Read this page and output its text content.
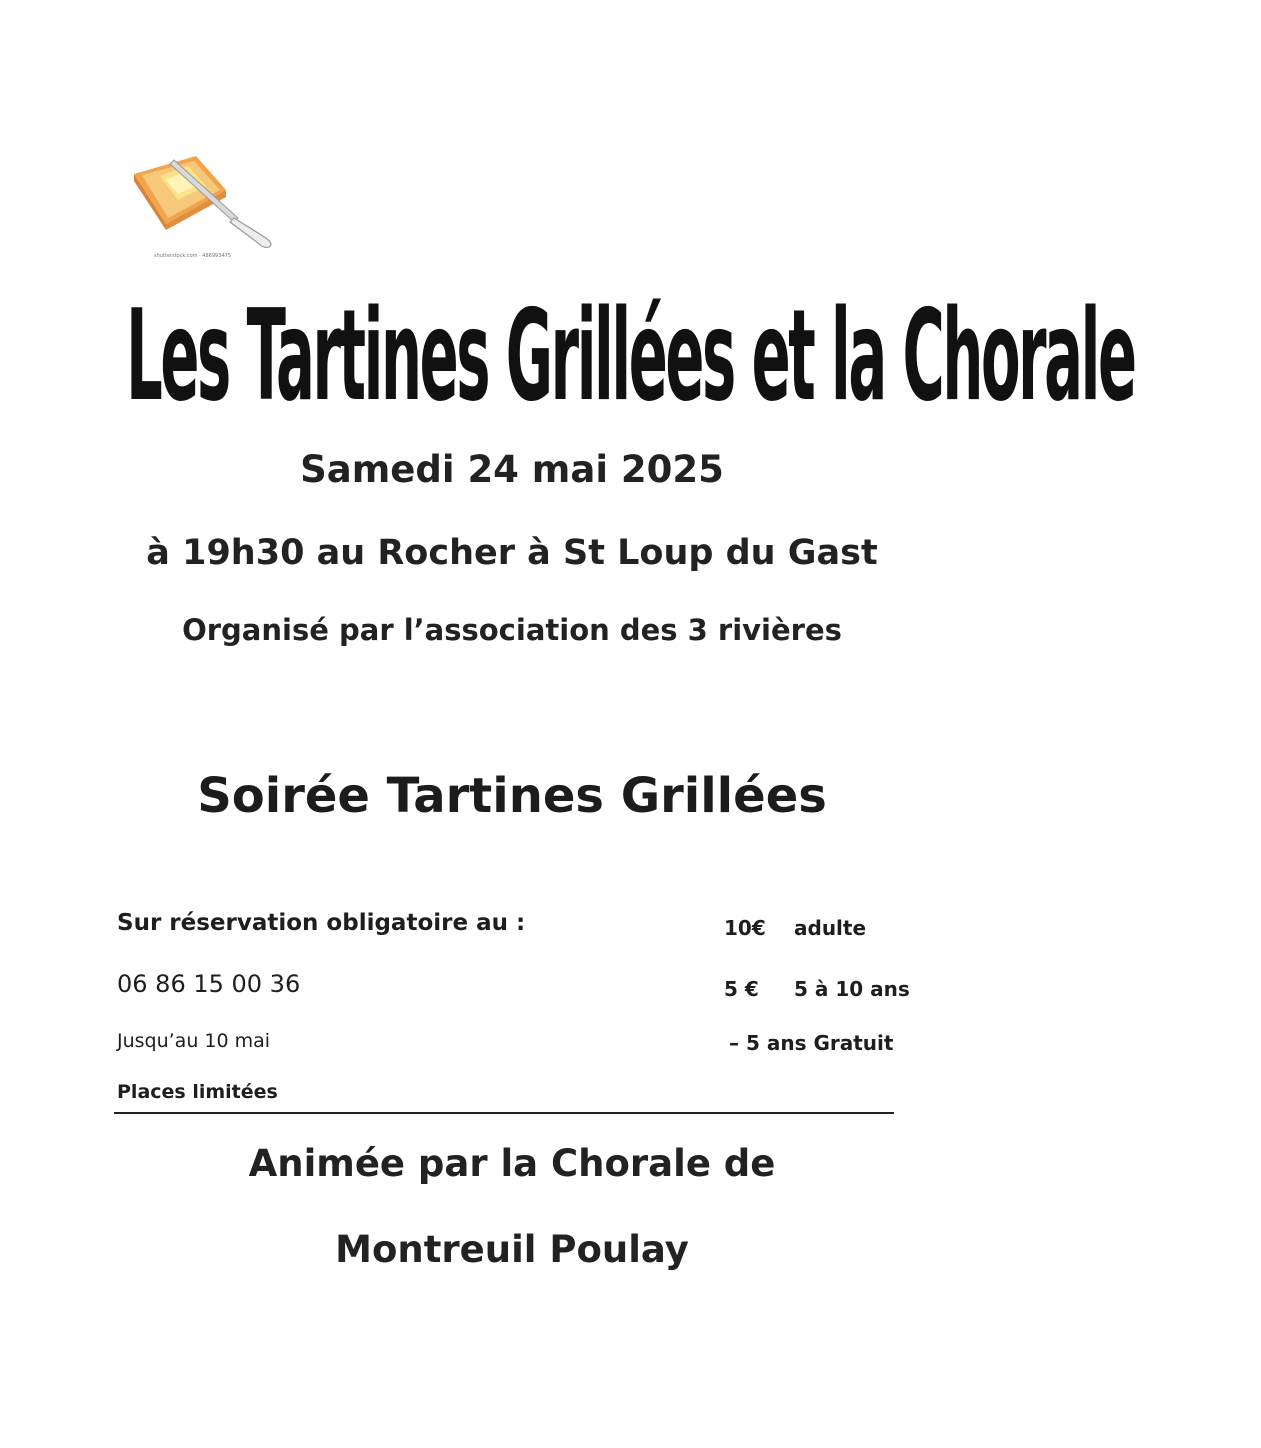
shutterstock.com · 486993475
Les Tartines Grillées et la Chorale
Samedi 24 mai 2025
à 19h30 au Rocher à St Loup du Gast
Organisé par l’association des 3 rivières
Soirée Tartines Grillées
Sur réservation obligatoire au :
06 86 15 00 36
Jusqu’au 10 mai
Places limitées
10€ adulte
5 € 5 à 10 ans
– 5 ans Gratuit
Animée par la Chorale de
Montreuil Poulay
